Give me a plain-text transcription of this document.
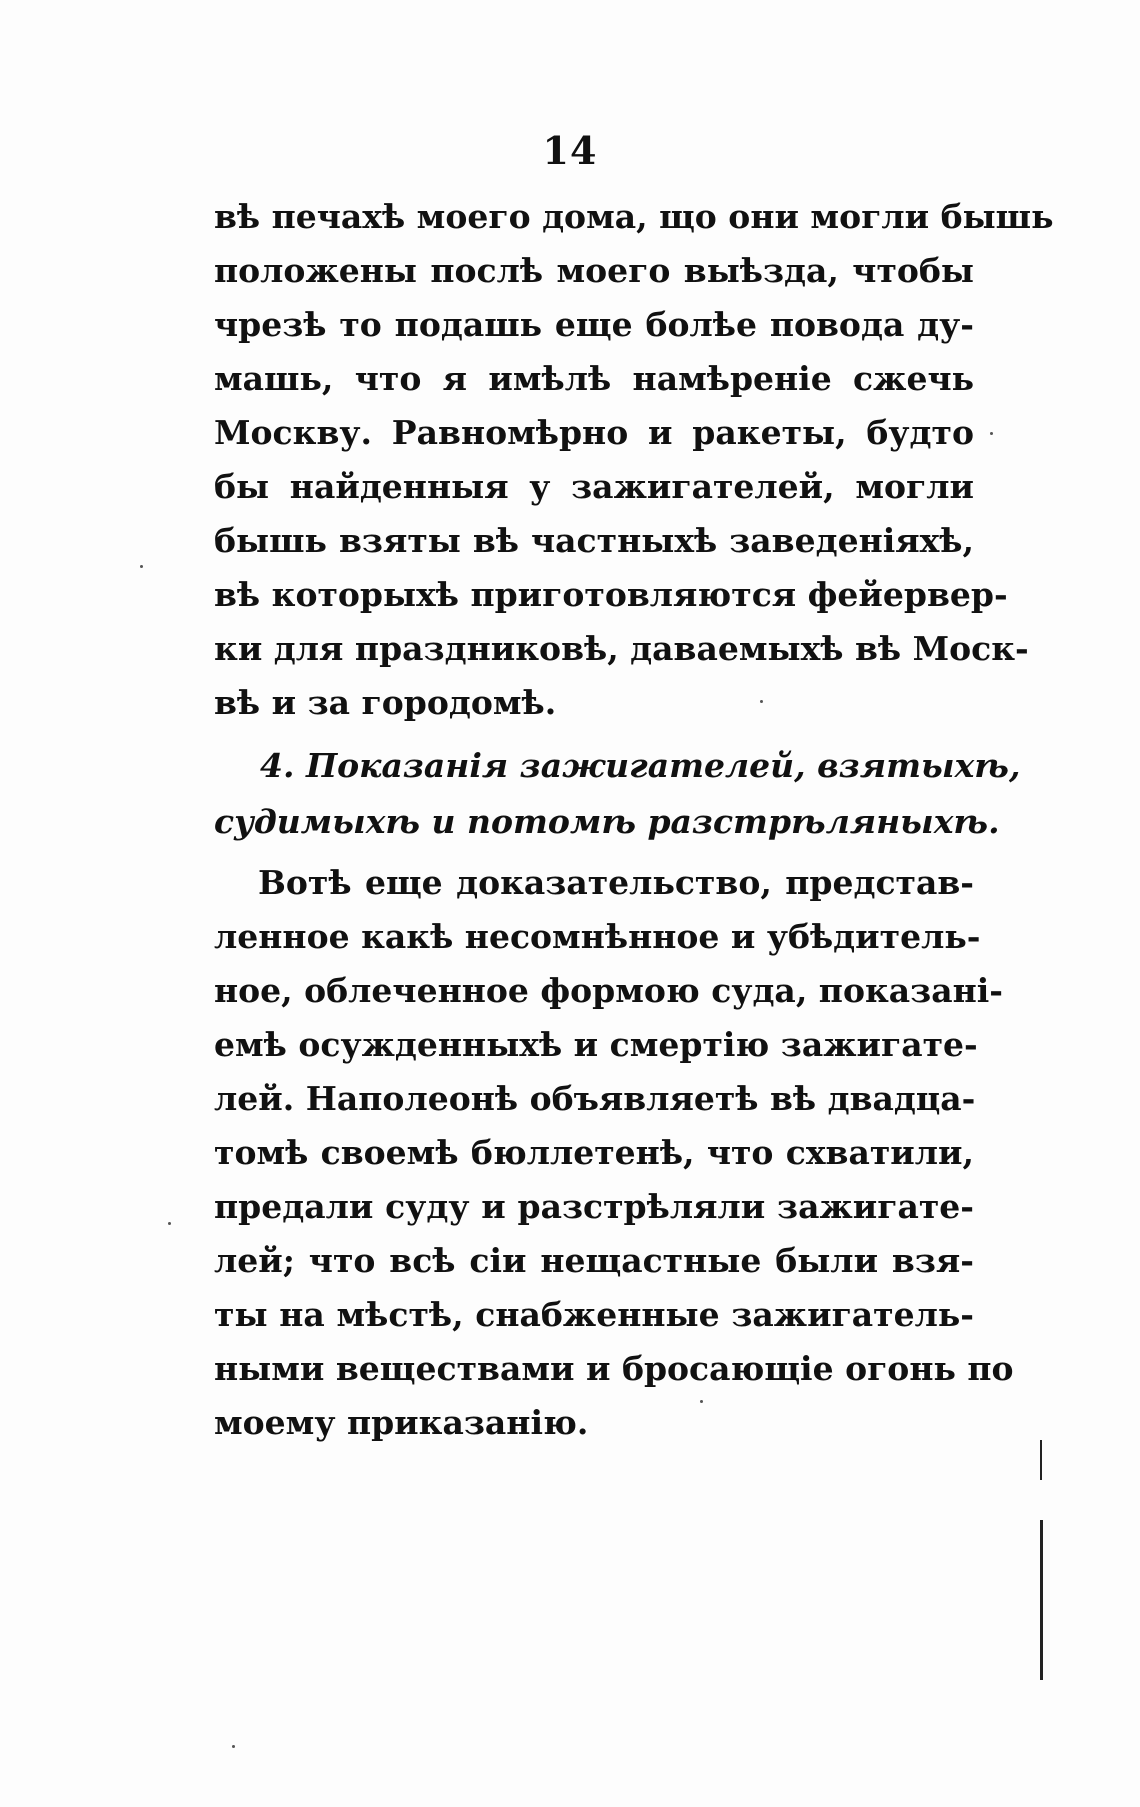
14
вѣ печахѣ моего дома, що они могли бышь
положены послѣ моего выѣзда, чтобы
чрезѣ то подашь еще болѣе повода ду-
машь, что я имѣлѣ намѣреніе сжечь
Москву. Равномѣрно и ракеты, будто
бы найденныя у зажигателей, могли
бышь взяты вѣ частныхѣ заведеніяхѣ,
вѣ которыхѣ приготовляются фейервер-
ки для праздниковѣ, даваемыхѣ вѣ Моск-
вѣ и за городомѣ.
4. Показанія зажигателей, взятыхѣ,
судимыхѣ и потомѣ разстрѣляныхѣ.
Вотѣ еще доказательство, представ-
ленное какѣ несомнѣнное и убѣдитель-
ное, облеченное формою суда, показані-
емѣ осужденныхѣ и смертію зажигате-
лей. Наполеонѣ объявляетѣ вѣ двадца-
томѣ своемѣ бюллетенѣ, что схватили,
предали суду и разстрѣляли зажигате-
лей; что всѣ сіи нещастные были взя-
ты на мѣстѣ, снабженные зажигатель-
ными веществами и бросающіе огонь по
моему приказанію.
